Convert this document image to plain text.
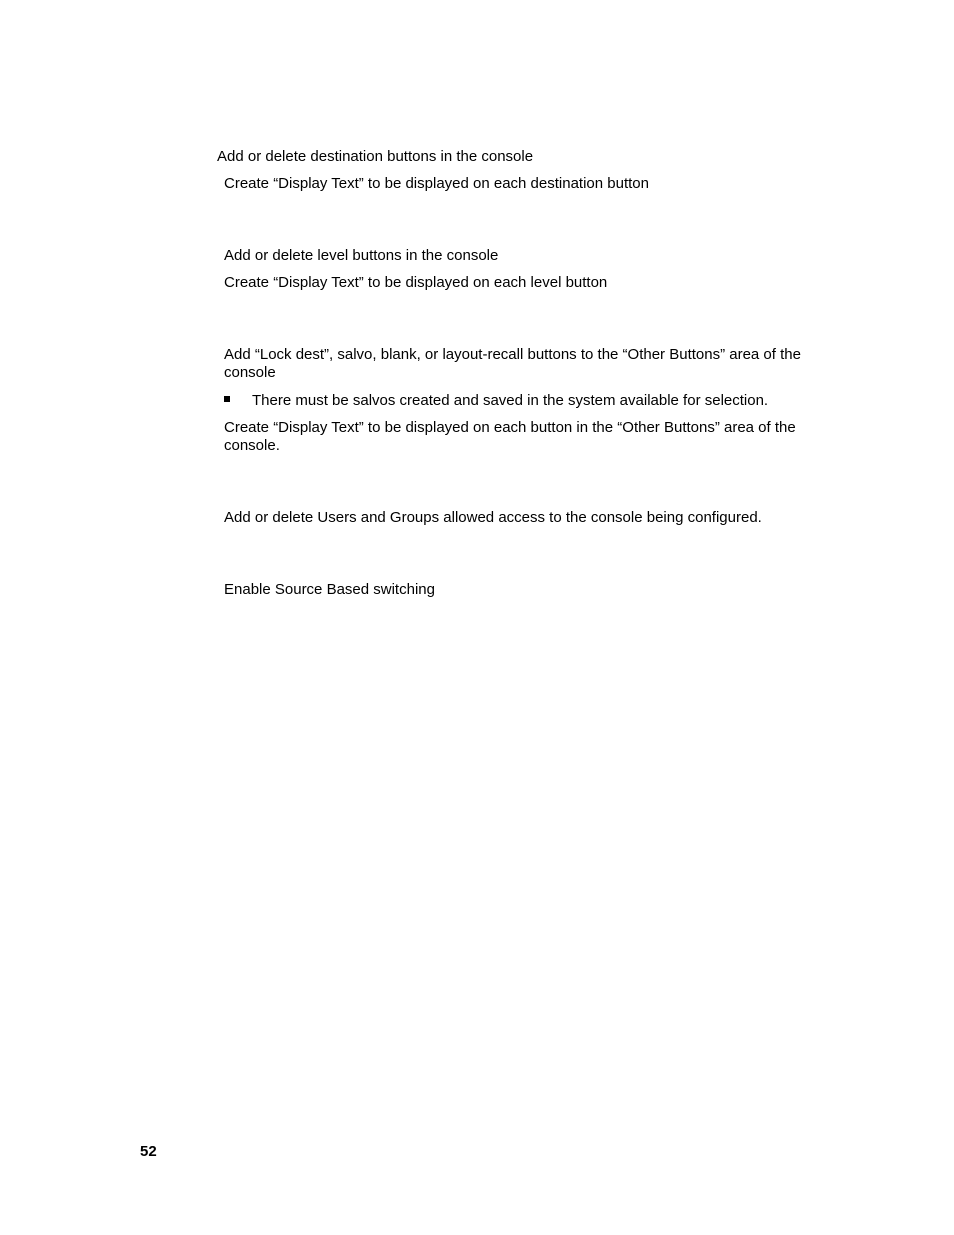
Add or delete destination buttons in the console
Create “Display Text” to be displayed on each destination button
Add or delete level buttons in the console
Create “Display Text” to be displayed on each level button
Add “Lock dest”, salvo, blank, or layout-recall buttons to the “Other Buttons” area of the console
There must be salvos created and saved in the system available for selection.
Create “Display Text” to be displayed on each button in the “Other Buttons” area of the console.
Add or delete Users and Groups allowed access to the console being configured.
Enable Source Based switching
52
